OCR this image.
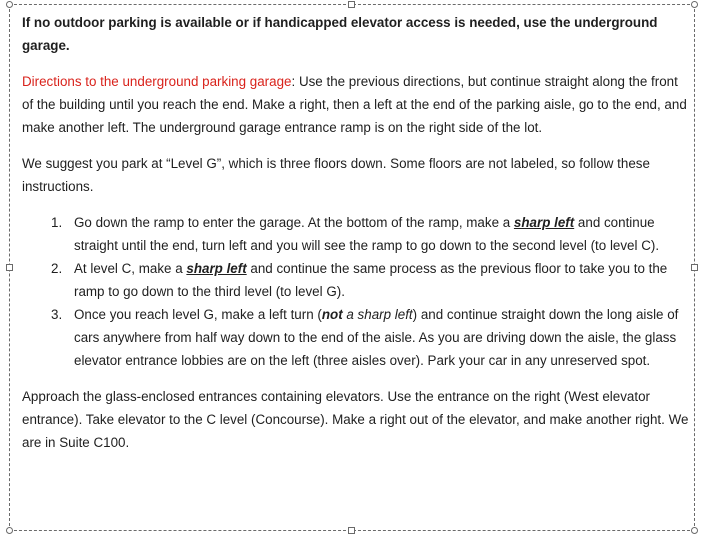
If no outdoor parking is available or if handicapped elevator access is needed, use the underground garage.

Directions to the underground parking garage: Use the previous directions, but continue straight along the front of the building until you reach the end. Make a right, then a left at the end of the parking aisle, go to the end, and make another left. The underground garage entrance ramp is on the right side of the lot.

We suggest you park at “Level G”, which is three floors down. Some floors are not labeled, so follow these instructions.

1. Go down the ramp to enter the garage. At the bottom of the ramp, make a sharp left and continue straight until the end, turn left and you will see the ramp to go down to the second level (to level C).
2. At level C, make a sharp left and continue the same process as the previous floor to take you to the ramp to go down to the third level (to level G).
3. Once you reach level G, make a left turn (not a sharp left) and continue straight down the long aisle of cars anywhere from half way down to the end of the aisle. As you are driving down the aisle, the glass elevator entrance lobbies are on the left (three aisles over). Park your car in any unreserved spot.

Approach the glass-enclosed entrances containing elevators. Use the entrance on the right (West elevator entrance). Take elevator to the C level (Concourse). Make a right out of the elevator, and make another right. We are in Suite C100.
